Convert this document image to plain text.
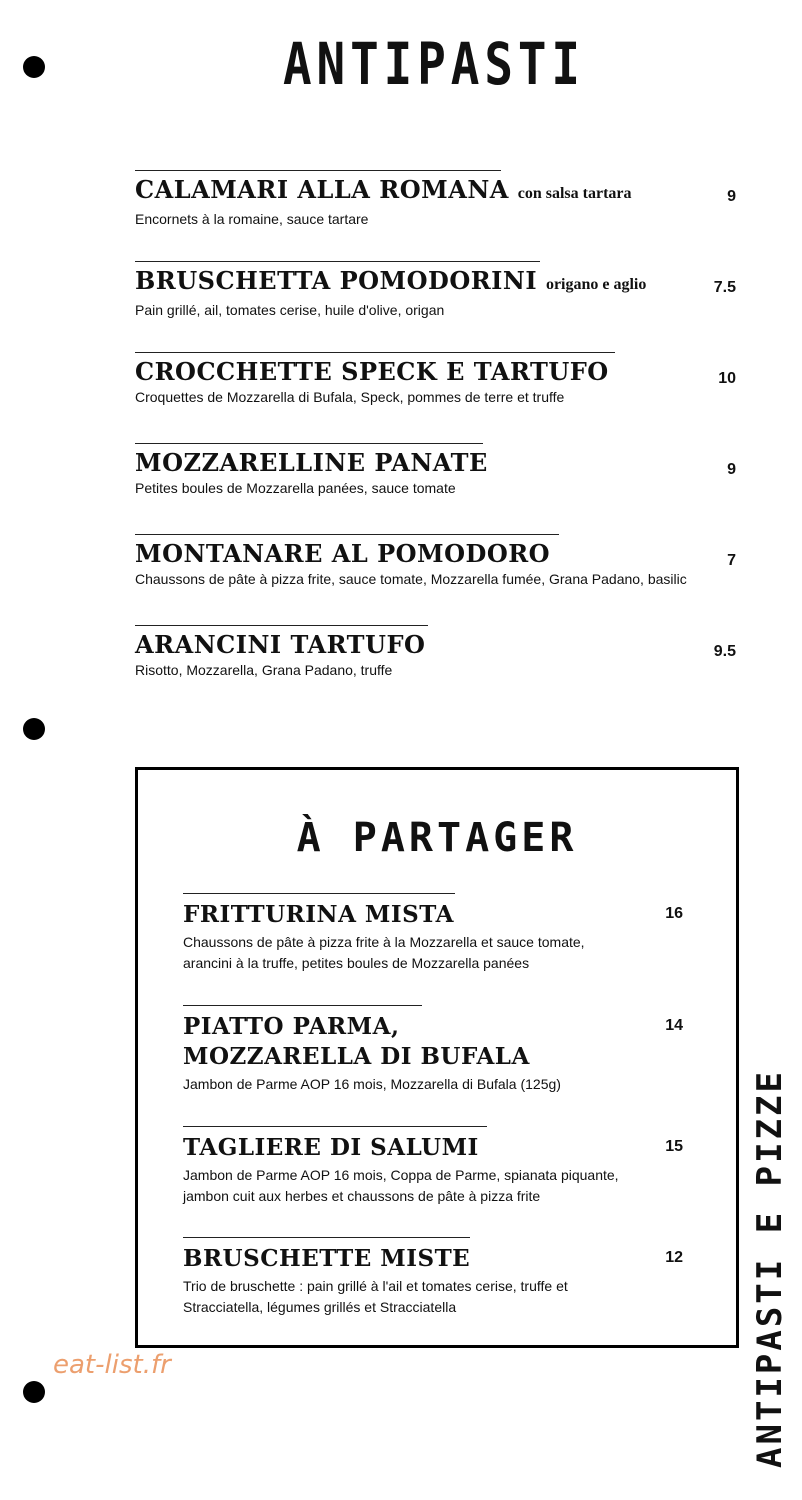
ANTIPASTI
CALAMARI ALLA ROMANA con salsa tartara
Encornets à la romaine, sauce tartare
9
BRUSCHETTA POMODORINI origano e aglio
Pain grillé, ail, tomates cerise, huile d'olive, origan
7.5
CROCCHETTE SPECK E TARTUFO
Croquettes de Mozzarella di Bufala, Speck, pommes de terre et truffe
10
MOZZARELLINE PANATE
Petites boules de Mozzarella panées, sauce tomate
9
MONTANARE AL POMODORO
Chaussons de pâte à pizza frite, sauce tomate, Mozzarella fumée, Grana Padano, basilic
7
ARANCINI TARTUFO
Risotto, Mozzarella, Grana Padano, truffe
9.5
À PARTAGER
FRITTURINA MISTA
Chaussons de pâte à pizza frite à la Mozzarella et sauce tomate,
arancini à la truffe, petites boules de Mozzarella panées
16
PIATTO PARMA,
MOZZARELLA DI BUFALA
Jambon de Parme AOP 16 mois, Mozzarella di Bufala (125g)
14
TAGLIERE DI SALUMI
Jambon de Parme AOP 16 mois, Coppa de Parme, spianata piquante,
jambon cuit aux herbes et chaussons de pâte à pizza frite
15
BRUSCHETTE MISTE
Trio de bruschette : pain grillé à l'ail et tomates cerise, truffe et
Stracciatella, légumes grillés et Stracciatella
12
eat-list.fr	ANTIPASTI E PIZZE
